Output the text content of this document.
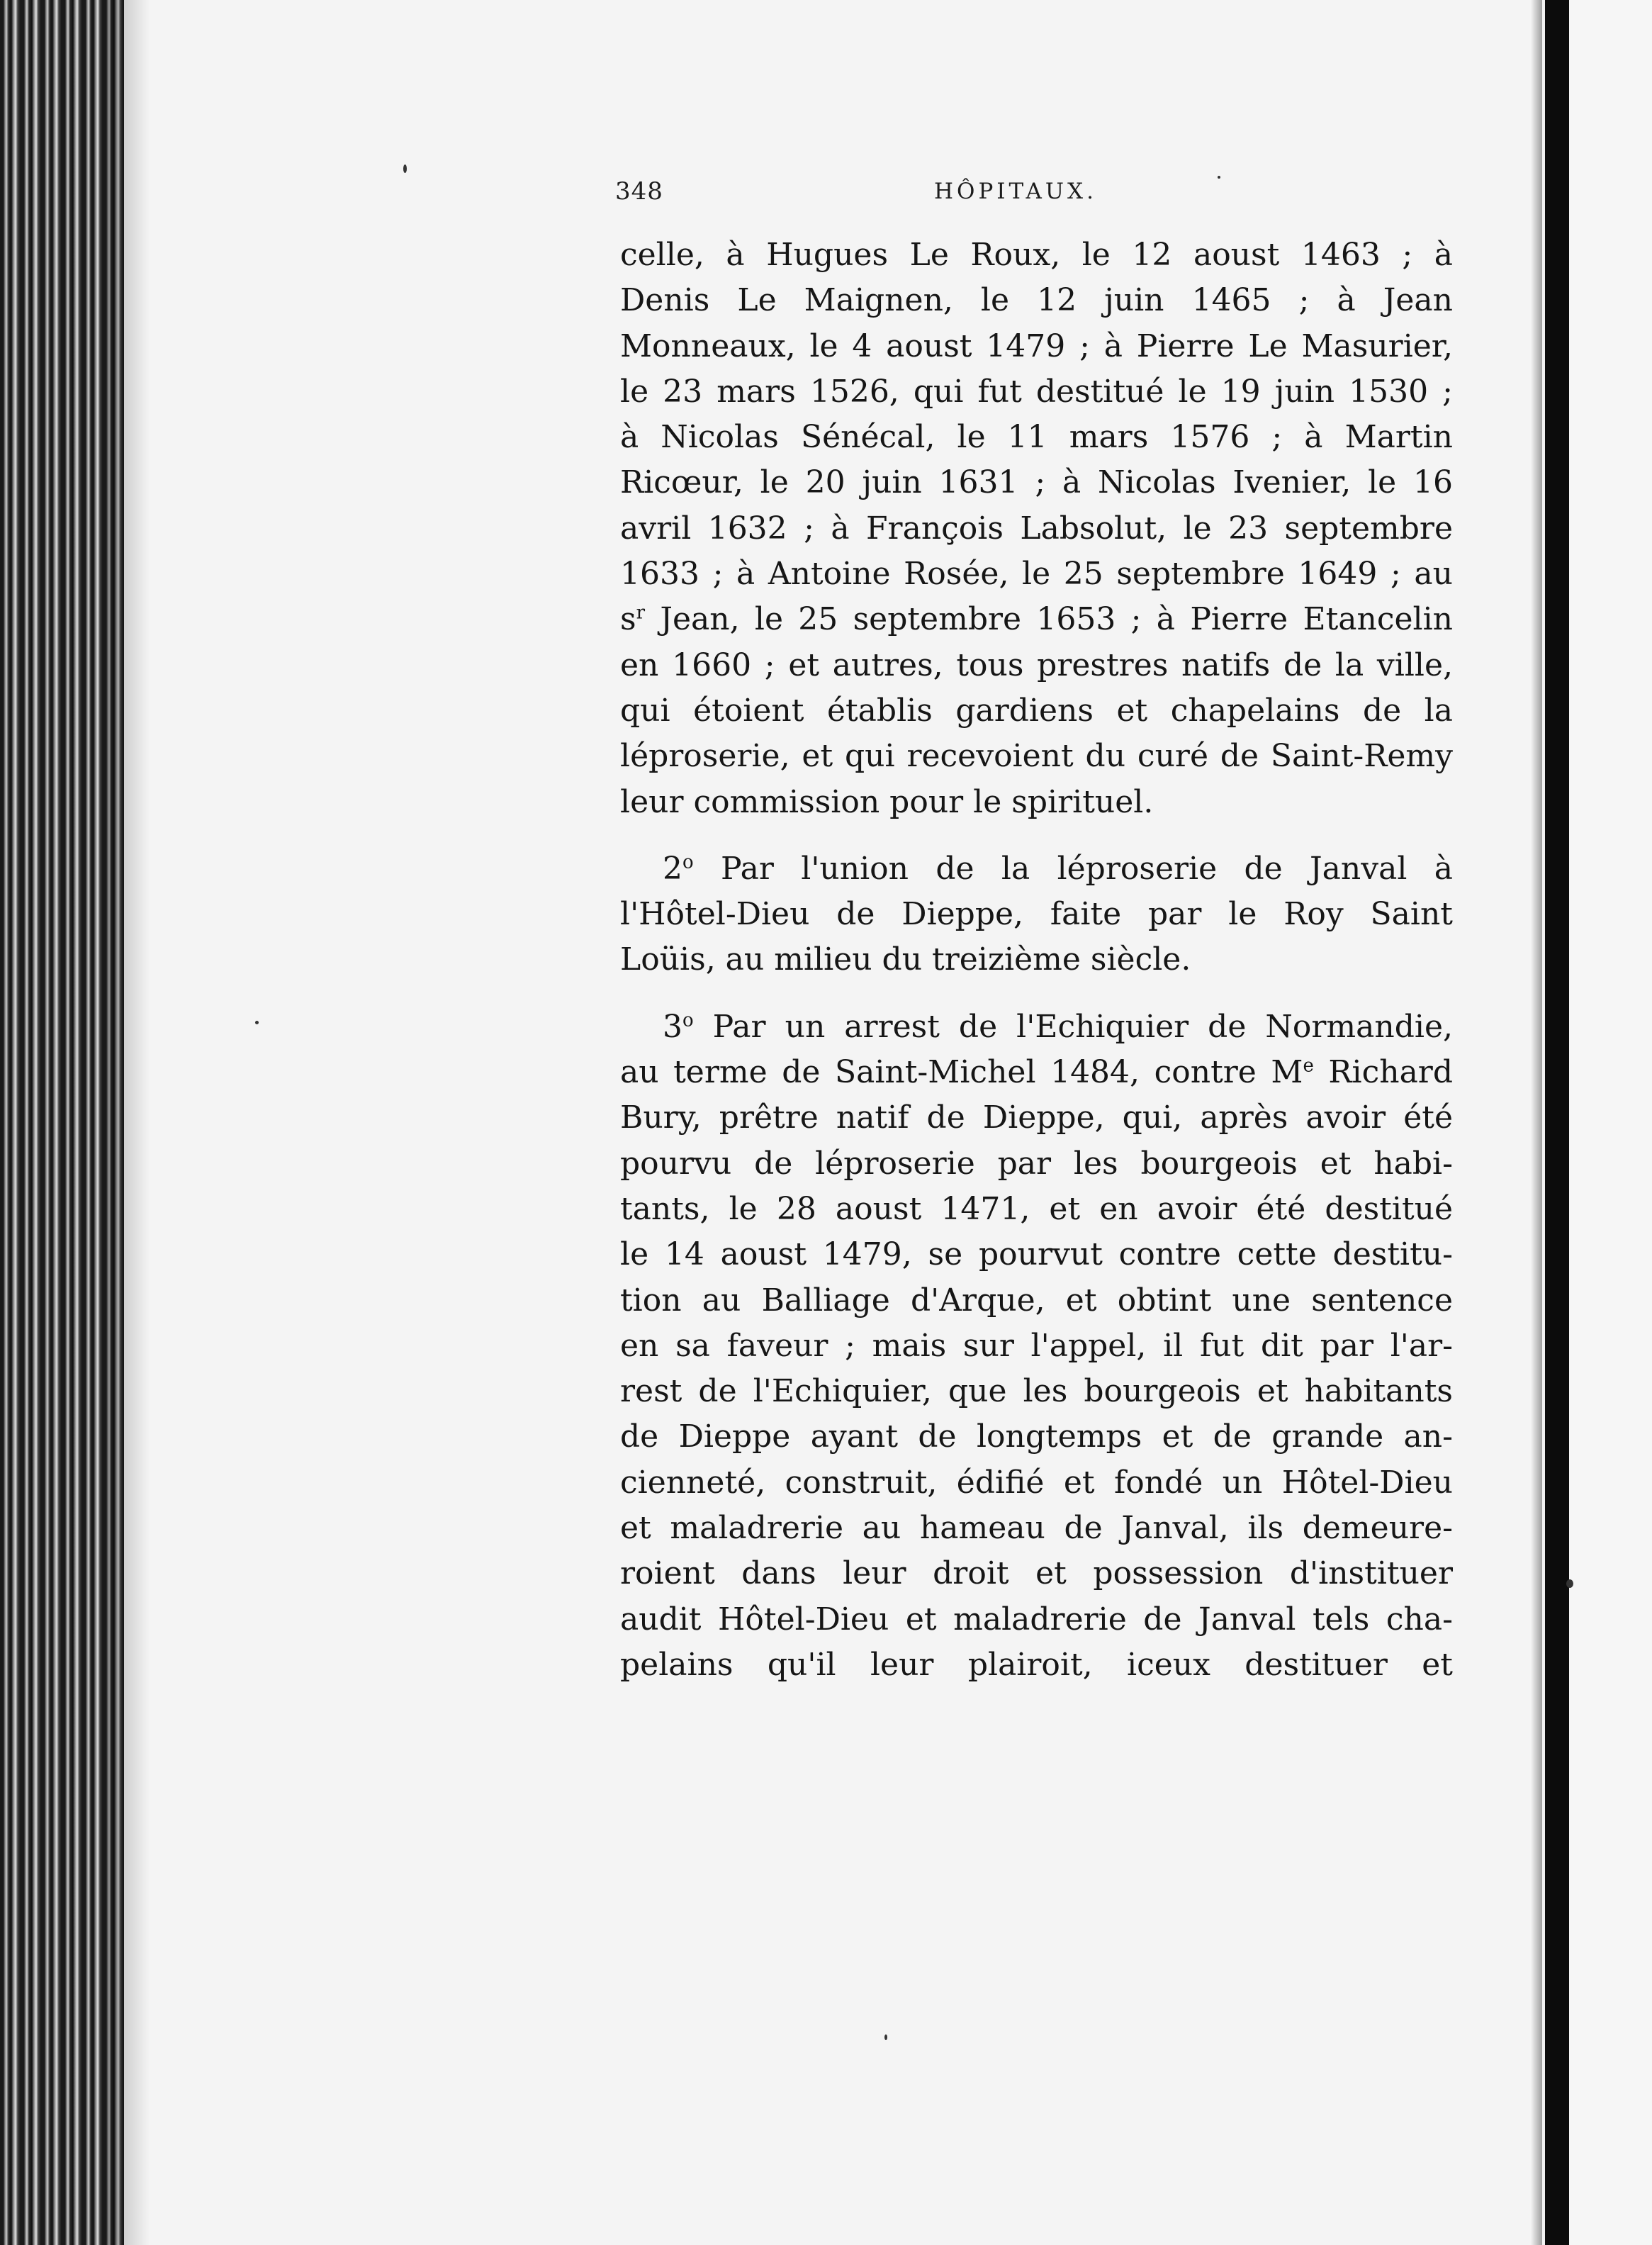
348	HÔPITAUX.
celle, à Hugues Le Roux, le 12 aoust 1463 ; à
Denis Le Maignen, le 12 juin 1465 ; à Jean
Monneaux, le 4 aoust 1479 ; à Pierre Le Masurier,
le 23 mars 1526, qui fut destitué le 19 juin 1530 ;
à Nicolas Sénécal, le 11 mars 1576 ; à Martin
Ricœur, le 20 juin 1631 ; à Nicolas Ivenier, le 16
avril 1632 ; à François Labsolut, le 23 septembre
1633 ; à Antoine Rosée, le 25 septembre 1649 ; au
$s^r$ Jean, le 25 septembre 1653 ; à Pierre Etancelin
en 1660 ; et autres, tous prestres natifs de la ville,
qui étoient établis gardiens et chapelains de la
léproserie, et qui recevoient du curé de Saint-Remy
leur commission pour le spirituel.
2$^o$ Par l'union de la léproserie de Janval à
l'Hôtel-Dieu de Dieppe, faite par le Roy Saint
Loüis, au milieu du treizième siècle.
3$^o$ Par un arrest de l'Echiquier de Normandie,
au terme de Saint-Michel 1484, contre Me Richard
Bury, prêtre natif de Dieppe, qui, après avoir été
pourvu de léproserie par les bourgeois et habi-
tants, le 28 aoust 1471, et en avoir été destitué
le 14 aoust 1479, se pourvut contre cette destitu-
tion au Balliage d'Arque, et obtint une sentence
en sa faveur ; mais sur l'appel, il fut dit par l'ar-
rest de l'Echiquier, que les bourgeois et habitants
de Dieppe ayant de longtemps et de grande an-
cienneté, construit, édifié et fondé un Hôtel-Dieu
et maladrerie au hameau de Janval, ils demeure-
roient dans leur droit et possession d'instituer
audit Hôtel-Dieu et maladrerie de Janval tels cha-
pelains qu'il leur plairoit, iceux destituer et
